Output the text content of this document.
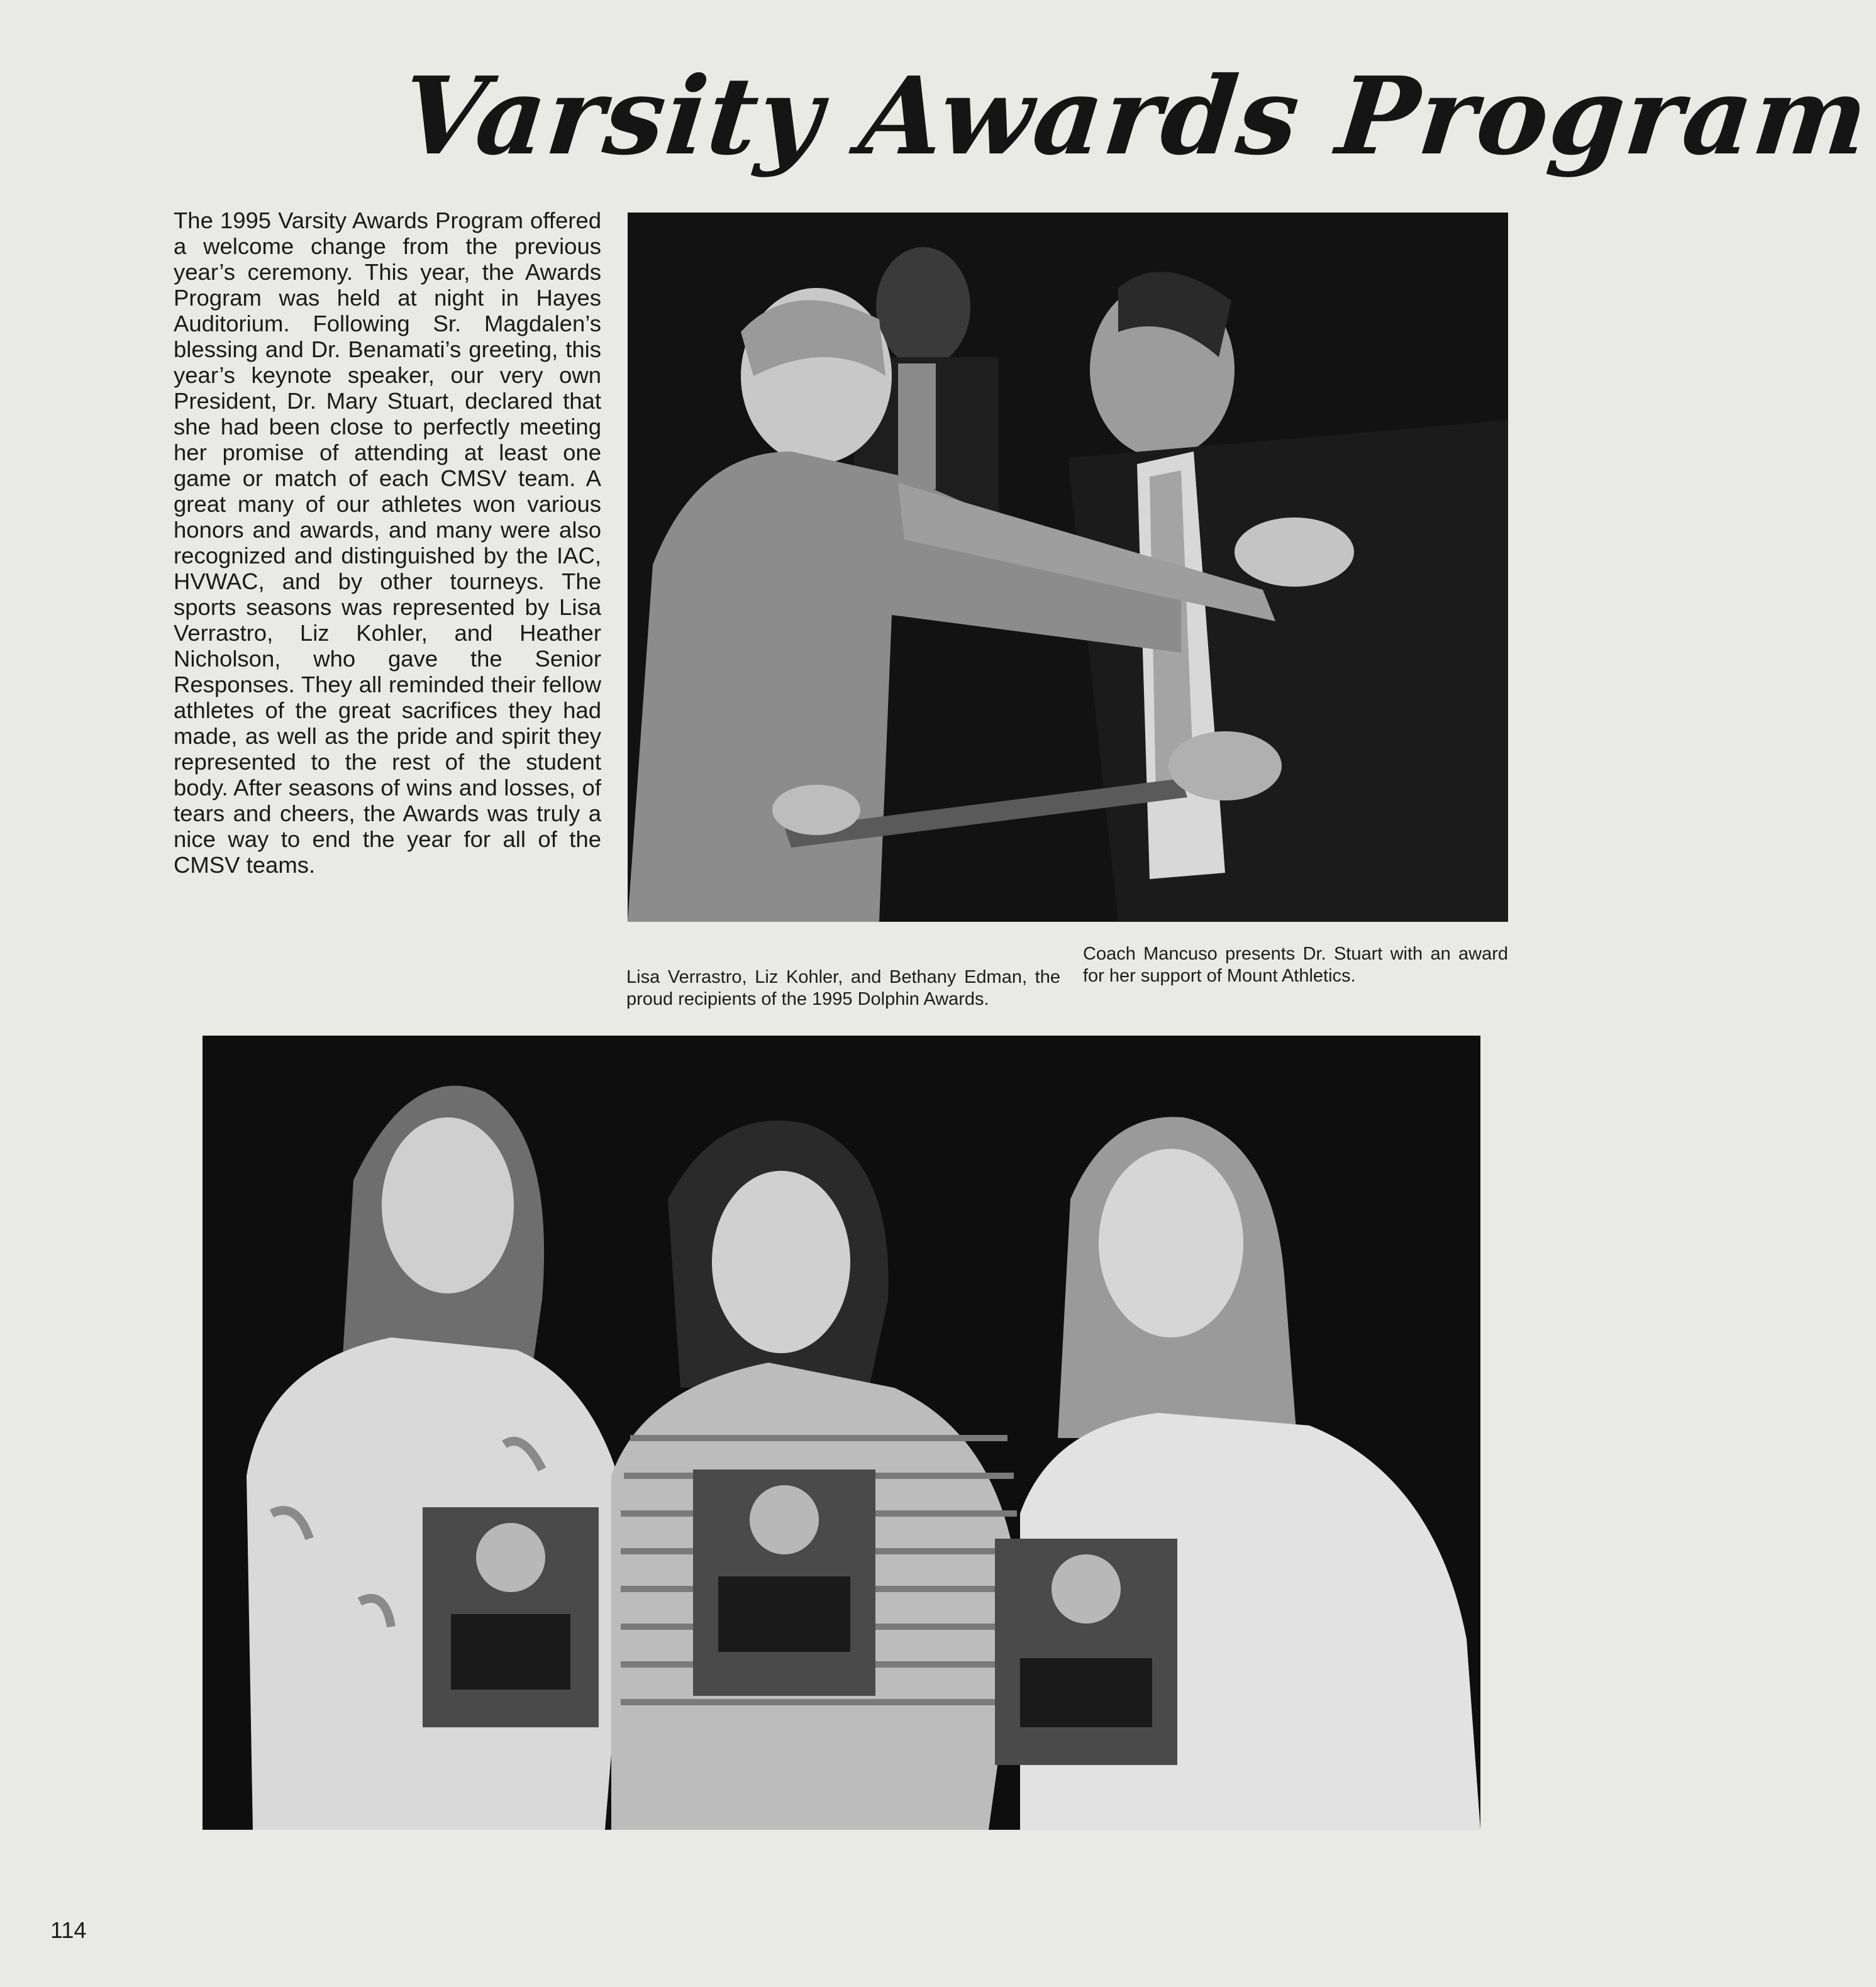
Varsity Awards Program
The 1995 Varsity Awards Program offered a welcome change from the previous year’s ceremony. This year, the Awards Program was held at night in Hayes Auditorium. Following Sr. Magdalen’s blessing and Dr. Benamati’s greeting, this year’s keynote speaker, our very own President, Dr. Mary Stuart, declared that she had been close to perfectly meeting her promise of attending at least one game or match of each CMSV team. A great many of our athletes won various honors and awards, and many were also recognized and distinguished by the IAC, HVWAC, and by other tourneys. The sports seasons was represented by Lisa Verrastro, Liz Kohler, and Heather Nicholson, who gave the Senior Responses. They all reminded their fellow athletes of the great sacrifices they had made, as well as the pride and spirit they represented to the rest of the student body. After seasons of wins and losses, of tears and cheers, the Awards was truly a nice way to end the year for all of the CMSV teams.
Lisa Verrastro, Liz Kohler, and Bethany Edman, the proud recipients of the 1995 Dolphin Awards.
Coach Mancuso presents Dr. Stuart with an award for her support of Mount Athletics.
114
